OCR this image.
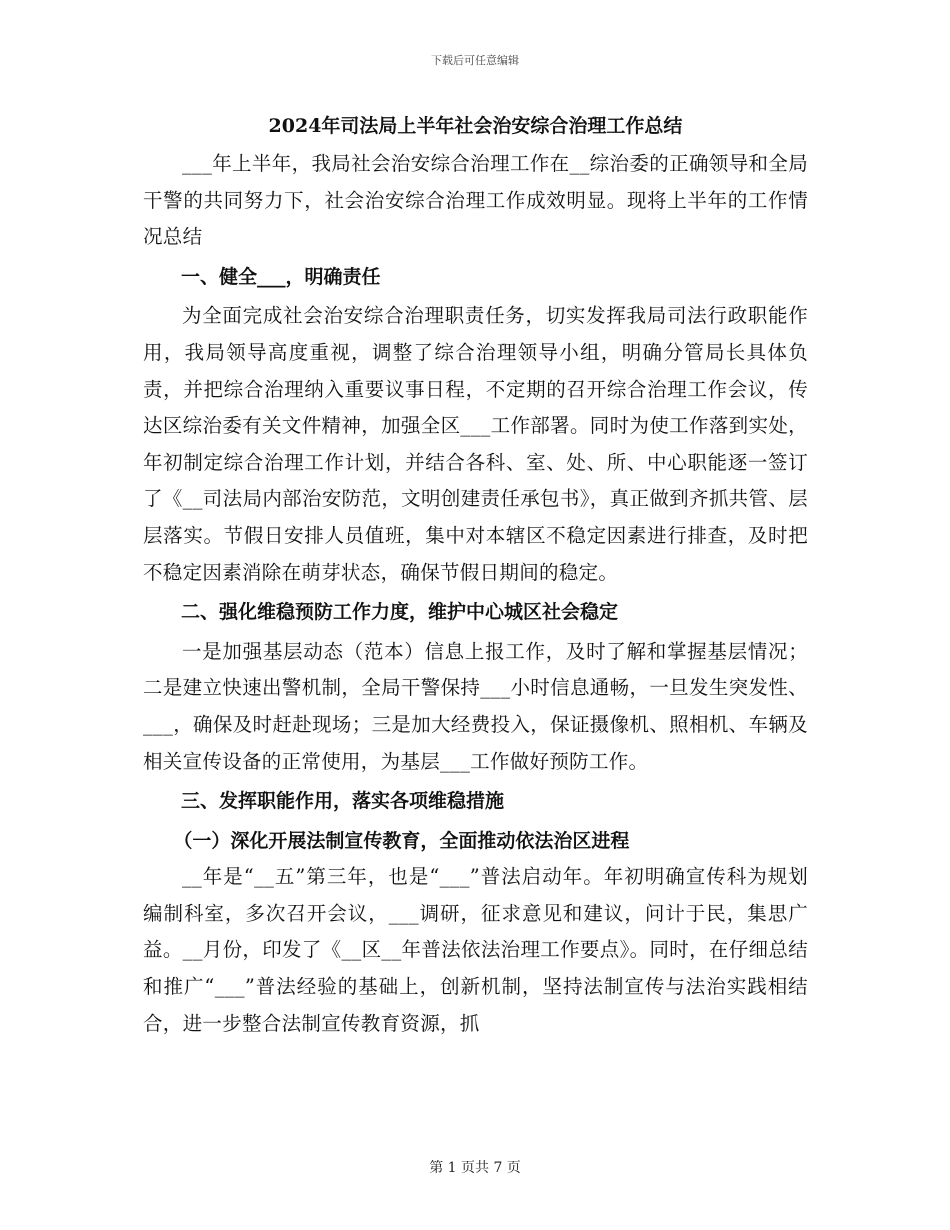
下载后可任意编辑
2024年司法局上半年社会治安综合治理工作总结

___年上半年，我局社会治安综合治理工作在__综治委的正确领导和全局干警的共同努力下，社会治安综合治理工作成效明显。现将上半年的工作情况总结

一、健全___，明确责任

为全面完成社会治安综合治理职责任务，切实发挥我局司法行政职能作用，我局领导高度重视，调整了综合治理领导小组，明确分管局长具体负责，并把综合治理纳入重要议事日程，不定期的召开综合治理工作会议，传达区综治委有关文件精神，加强全区___工作部署。同时为使工作落到实处，年初制定综合治理工作计划，并结合各科、室、处、所、中心职能逐一签订了《__司法局内部治安防范，文明创建责任承包书》，真正做到齐抓共管、层层落实。节假日安排人员值班，集中对本辖区不稳定因素进行排查，及时把不稳定因素消除在萌芽状态，确保节假日期间的稳定。

二、强化维稳预防工作力度，维护中心城区社会稳定

一是加强基层动态（范本）信息上报工作，及时了解和掌握基层情况；二是建立快速出警机制，全局干警保持___小时信息通畅，一旦发生突发性、___，确保及时赶赴现场；三是加大经费投入，保证摄像机、照相机、车辆及相关宣传设备的正常使用，为基层___工作做好预防工作。

三、发挥职能作用，落实各项维稳措施
（一）深化开展法制宣传教育，全面推动依法治区进程

__年是“__五”第三年，也是“___”普法启动年。年初明确宣传科为规划编制科室，多次召开会议，___调研，征求意见和建议，问计于民，集思广益。__月份，印发了《__区__年普法依法治理工作要点》。同时，在仔细总结和推广“___”普法经验的基础上，创新机制，坚持法制宣传与法治实践相结合，进一步整合法制宣传教育资源，抓

第 1 页共 7 页
